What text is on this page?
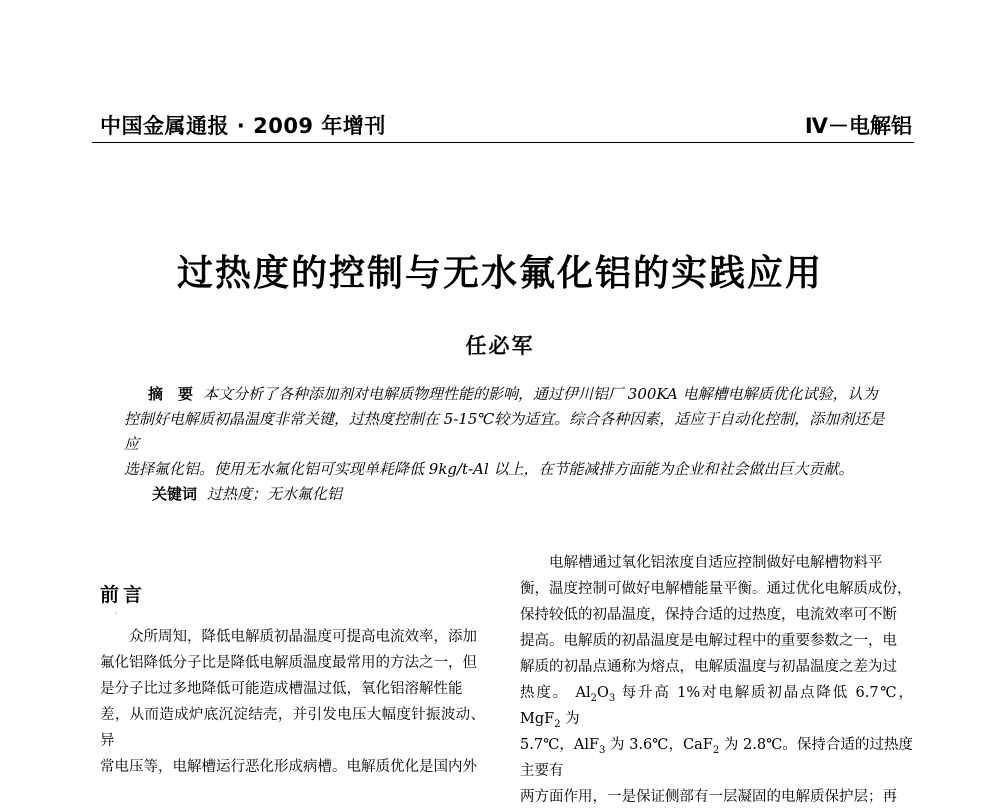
中国金属通报 · 2009 年增刊	Ⅳ－电解铝
过热度的控制与无水氟化铝的实践应用
任必军

摘　要 本文分析了各种添加剂对电解质物理性能的影响，通过伊川铝厂 300KA 电解槽电解质优化试验，认为

控制好电解质初晶温度非常关键，过热度控制在 5-15℃较为适宜。综合各种因素，适应于自动化控制，添加剂还是应

选择氟化铝。使用无水氟化铝可实现单耗降低 9kg/t-Al 以上，在节能减排方面能为企业和社会做出巨大贡献。

关键词 过热度；无水氟化铝

前言
′

众所周知，降低电解质初晶温度可提高电流效率，添加

氟化铝降低分子比是降低电解质温度最常用的方法之一，但

是分子比过多地降低可能造成槽温过低，氧化铝溶解性能

差，从而造成炉底沉淀结壳，并引发电压大幅度针振波动、异

常电压等，电解槽运行恶化形成病槽。电解质优化是国内外

电解槽通过氧化铝浓度自适应控制做好电解槽物料平

衡，温度控制可做好电解槽能量平衡。通过优化电解质成份，

保持较低的初晶温度，保持合适的过热度，电流效率可不断

提高。电解质的初晶温度是电解过程中的重要参数之一，电

解质的初晶点通称为熔点，电解质温度与初晶温度之差为过

热度。 $Al_2O_3$ 每升高 1%对电解质初晶点降低 6.7℃，MgF$_2$ 为

5.7℃，AlF$_3$ 为 3.6℃，CaF$_2$ 为 2.8℃。保持合适的过热度主要有

两方面作用，一是保证侧部有一层凝固的电解质保护层；再
